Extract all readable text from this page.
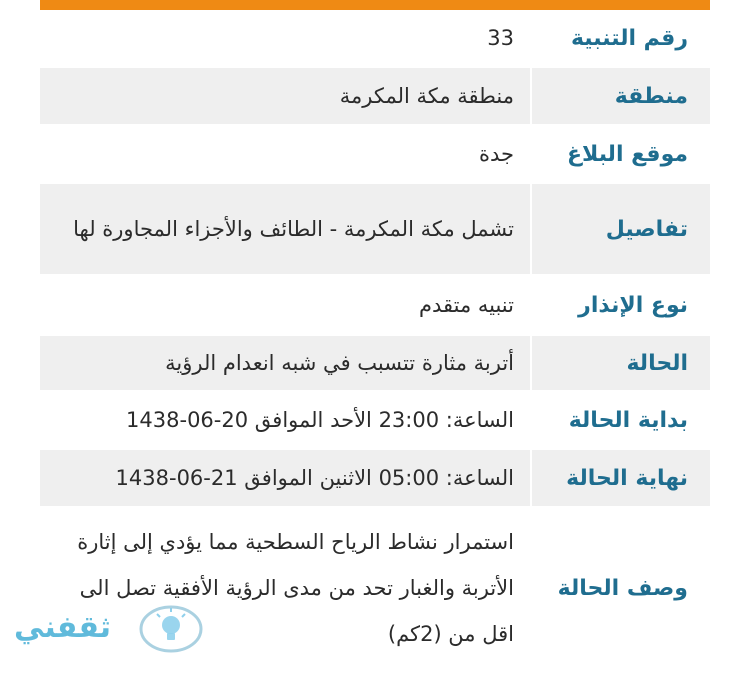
رقم التنبية
33
منطقة
منطقة مكة المكرمة
موقع البلاغ
جدة
تفاصيل
تشمل مكة المكرمة - الطائف والأجزاء المجاورة لها
نوع الإنذار
تنبيه متقدم
الحالة
أتربة مثارة تتسبب في شبه انعدام الرؤية
بداية الحالة
الساعة: 23:00 الأحد الموافق 20-06-1438
نهاية الحالة
الساعة: 05:00 الاثنين الموافق 21-06-1438
وصف الحالة
استمرار نشاط الرياح السطحية مما يؤدي إلى إثارة الأتربة والغبار تحد من مدى الرؤية الأفقية تصل الى اقل من (2كم)
ثقفني
